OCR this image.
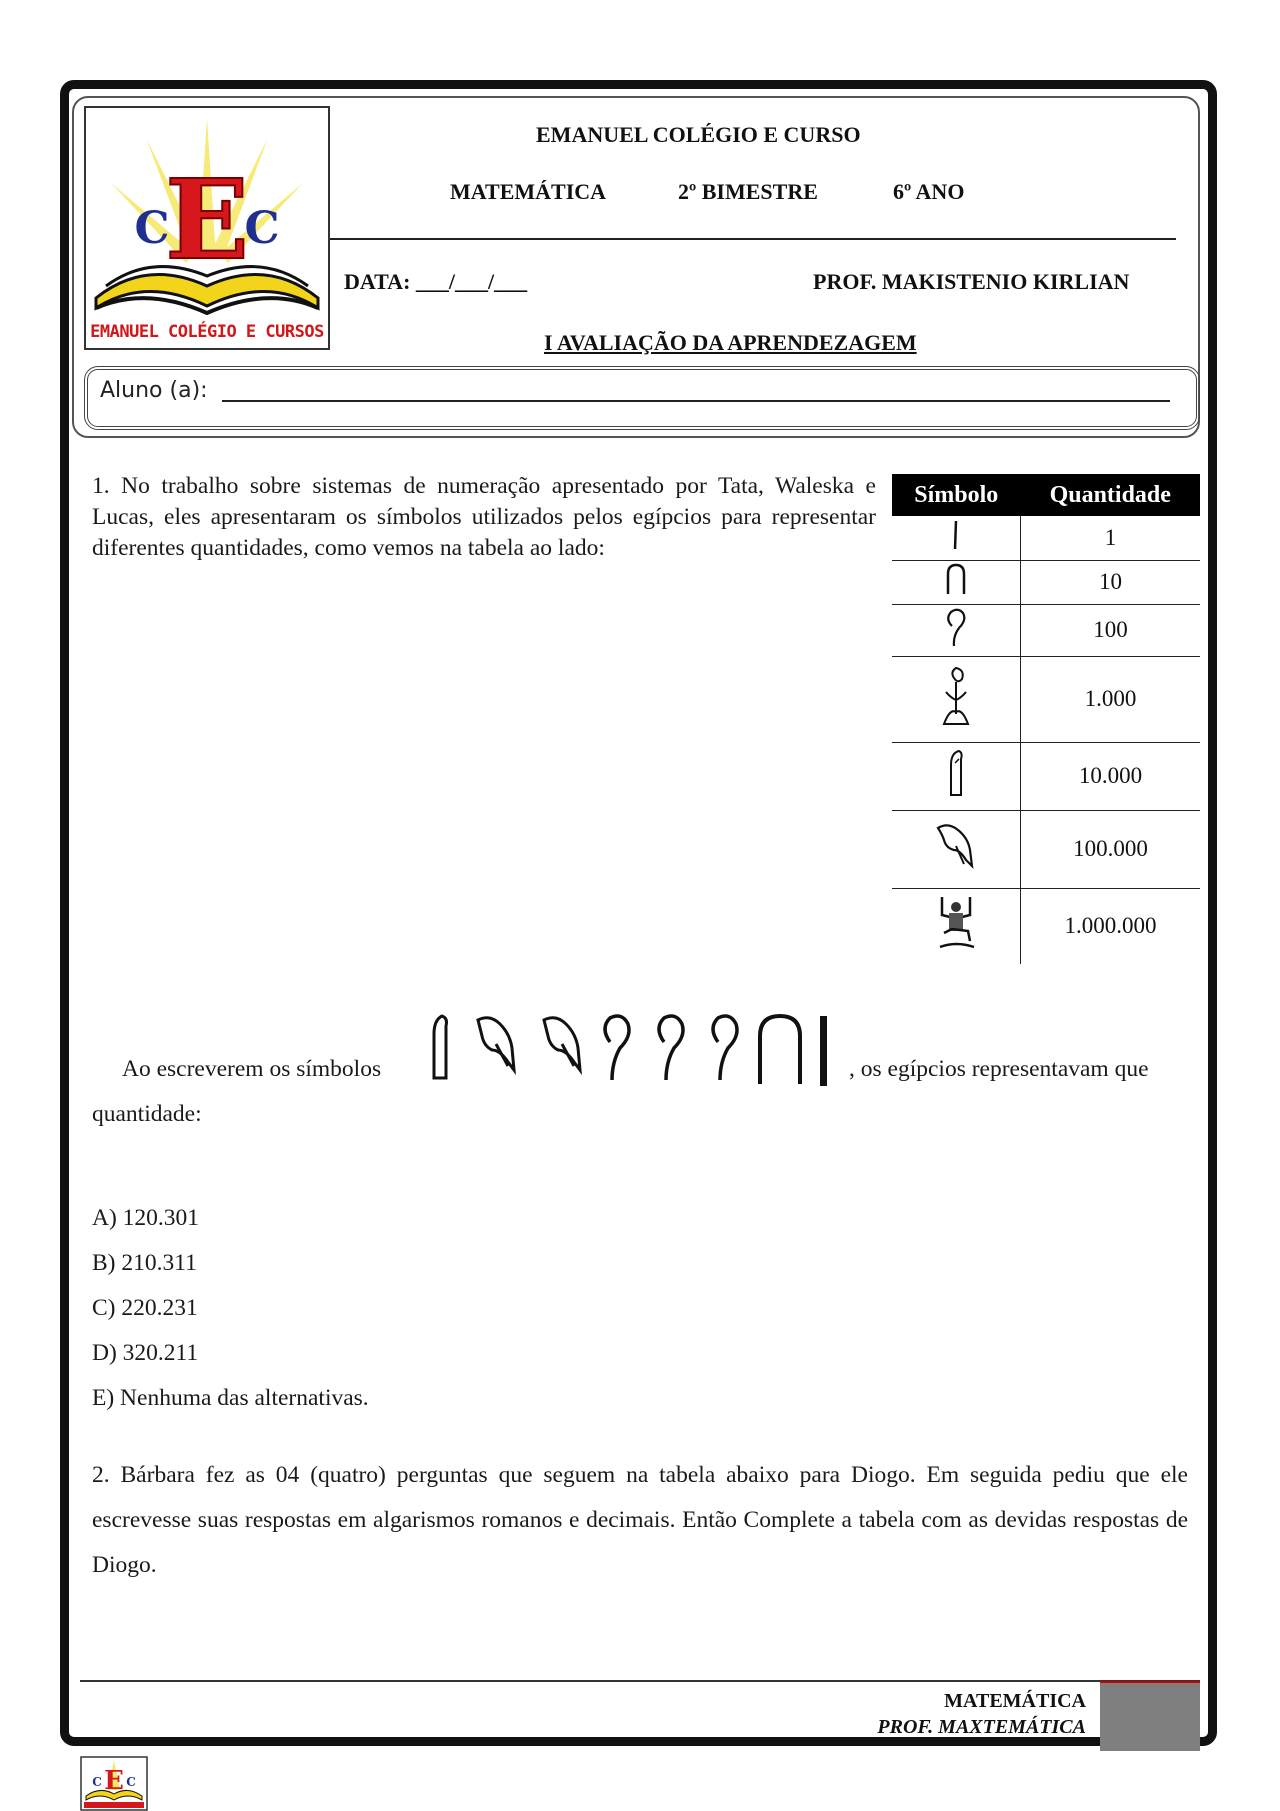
E
C C
EMANUEL COLÉGIO E CURSOS
EMANUEL COLÉGIO E CURSO
MATEMÁTICA	2º BIMESTRE	6º ANO
DATA: ___/___/___	PROF. MAKISTENIO KIRLIAN
I AVALIAÇÃO DA APRENDEZAGEM
Aluno (a):
1. No trabalho sobre sistemas de numeração apresentado por Tata, Waleska e Lucas, eles apresentaram os símbolos utilizados pelos egípcios para representar diferentes quantidades, como vemos na tabela ao lado:
Símbolo	Quantidade
	1
	10
	100
	1.000
	10.000
	100.000
	1.000.000
Ao escreverem os símbolos	, os egípcios representavam que
quantidade:
A) 120.301
B) 210.311
C) 220.231
D) 320.211
E) Nenhuma das alternativas.
2. Bárbara fez as 04 (quatro) perguntas que seguem na tabela abaixo para Diogo. Em seguida pediu que ele escrevesse suas respostas em algarismos romanos e decimais. Então Complete a tabela com as devidas respostas de Diogo.
MATEMÁTICA
PROF. MAXTEMÁTICA
E
C C
